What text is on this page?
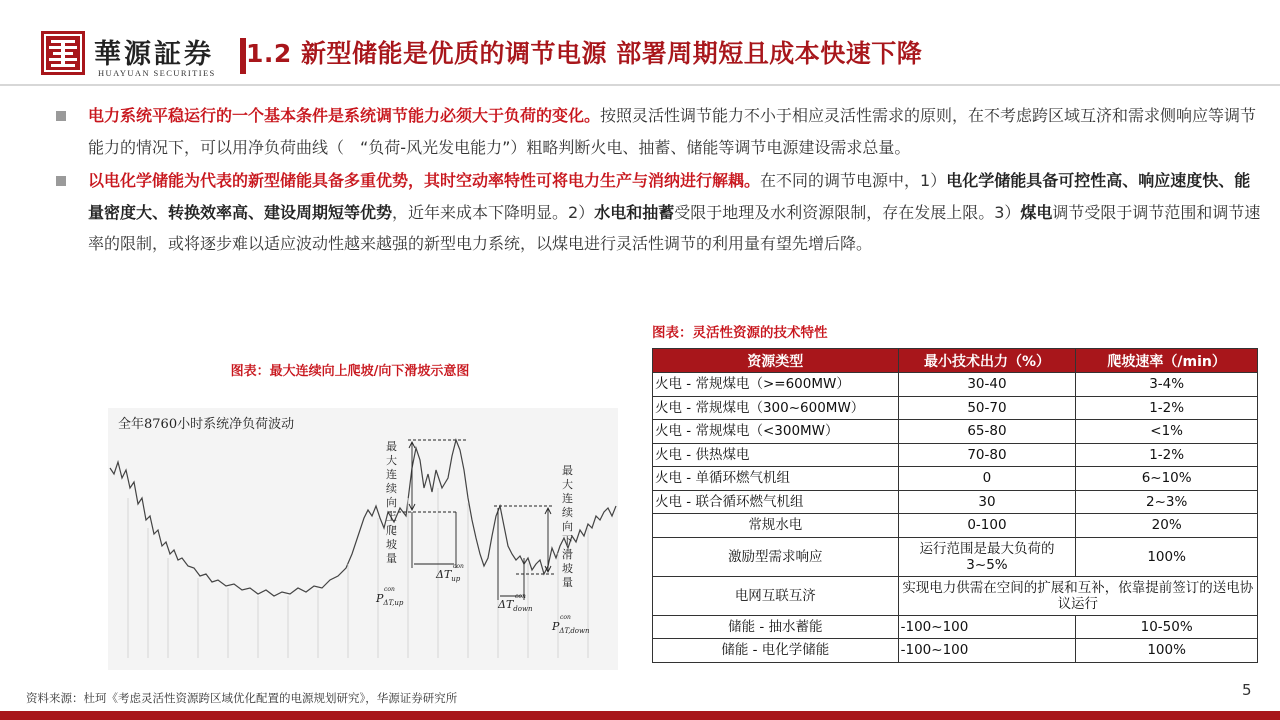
華源証券
HUAYUAN SECURITIES
1.2 新型储能是优质的调节电源 部署周期短且成本快速下降
电力系统平稳运行的一个基本条件是系统调节能力必须大于负荷的变化。按照灵活性调节能力不小于相应灵活性需求的原则，在不考虑跨区域互济和需求侧响应等调节能力的情况下，可以用净负荷曲线（　“负荷-风光发电能力”）粗略判断火电、抽蓄、储能等调节电源建设需求总量。
以电化学储能为代表的新型储能具备多重优势，其时空动率特性可将电力生产与消纳进行解耦。在不同的调节电源中，1）电化学储能具备可控性高、响应速度快、能量密度大、转换效率高、建设周期短等优势，近年来成本下降明显。2）水电和抽蓄受限于地理及水利资源限制，存在发展上限。3）煤电调节受限于调节范围和调节速率的限制，或将逐步难以适应波动性越来越强的新型电力系统，以煤电进行灵活性调节的利用量有望先增后降。
图表：最大连续向上爬坡/向下滑坡示意图
全年8760小时系统净负荷波动
最大连续向上爬坡量
$\Delta T_{up}$
con
$P_{\Delta T,up}$
con
最大连续向下滑坡量
$\Delta T_{down}$
con
$P_{\Delta T,down}$
con
图表：灵活性资源的技术特性
资源类型	最小技术出力（%）	爬坡速率（/min）
火电 - 常规煤电（>=600MW）	30-40	3-4%
火电 - 常规煤电（300~600MW）	50-70	1-2%
火电 - 常规煤电（<300MW）	65-80	<1%
火电 - 供热煤电	70-80	1-2%
火电 - 单循环燃气机组	0	6~10%
火电 - 联合循环燃气机组	30	2~3%
常规水电	0-100	20%
激励型需求响应	运行范围是最大负荷的3~5%	100%
电网互联互济	实现电力供需在空间的扩展和互补，依靠提前签订的送电协议运行	
储能 - 抽水蓄能	-100~100	10-50%
储能 - 电化学储能	-100~100	100%
资料来源：杜珂《考虑灵活性资源跨区域优化配置的电源规划研究》，华源证券研究所	5
